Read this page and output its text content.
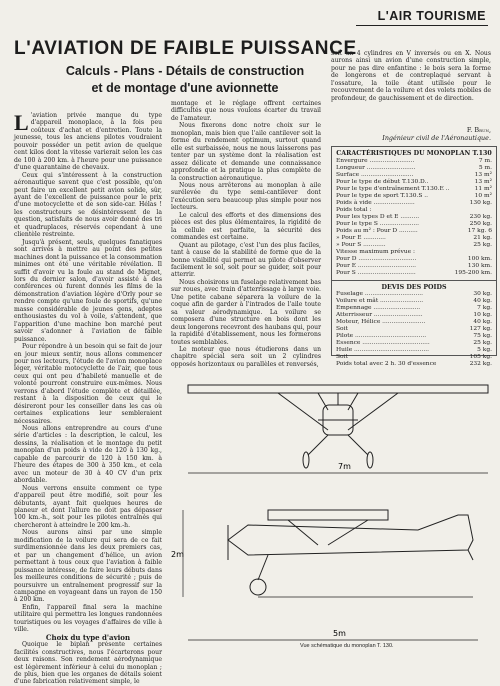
L'AIR TOURISME
L'AVIATION DE FAIBLE PUISSANCE
Calculs - Plans - Détails de construction
et de montage d'une avionnette

L 'aviation privée manque du type d'appareil monoplace, à la fois peu coûteux d'achat et d'entretien. Toute la jeunesse, tous les anciens pilotes voudraient pouvoir posséder un petit avion de quelque cent kilos dont la vitesse varierait selon les cas de 100 à 200 km. à l'heure pour une puissance d'une quarantaine de chevaux.

Ceux qui s'intéressent à la construction aéronautique savent que c'est possible, qu'on peut faire un excellent petit avion solide, sûr, ayant de l'excellent de puissance pour le prix d'une motocyclette et de son side-car. Hélas ! les constructeurs se désintéressent de la question, satisfaits de nous avoir donné des tri et quadruplaces, réservés cependant à une clientèle restreinte.

Jusqu'à présent, seuls, quelques fanatiques sont arrivés à mettre au point des petites machines dont la puissance et la consommation minimes ont été une véritable révélation. Il suffit d'avoir vu la foule au stand de Mignet, lors du dernier salon, d'avoir assisté à des conférences où furent donnés les films de la démonstration d'aviation légère d'Orly pour se rendre compte qu'une foule de sportifs, qu'une masse considérable de jeunes gens, adeptes enthousiastes du vol à voile, s'attendent, que l'apparition d'une machine bon marché peut savoir s'adonner à l'aviation de faible puissance.

Pour répondre à un besoin qui se fait de jour en jour mieux sentir, nous allons commencer pour nos lecteurs, l'étude de l'avion monoplace léger, véritable motocyclette de l'air, que tous ceux qui ont peu d'habileté manuelle et de volonté pourront construire eux-mêmes. Nous verrons d'abord l'étude complète et détaillée, restant à la disposition de ceux qui le désireront pour les conseiller dans les cas où certaines explications leur sembleraient nécessaires.

Nous allons entreprendre au cours d'une série d'articles : la description, le calcul, les dessins, la réalisation et le montage du petit monoplan d'un poids à vide de 120 à 130 kg., capable de parcourir de 120 à 150 km. à l'heure des étapes de 300 à 350 km., et cela avec un moteur de 30 à 40 CV d'un prix abordable.

Nous verrons ensuite comment ce type d'appareil peut être modifié, soit pour les débutants, ayant fait quelques heures de planeur et dont l'allure ne doit pas dépasser 100 km.-h., soit pour les pilotes entraînés qui chercheront à atteindre le 200 km.-h.

Nous aurons ainsi par une simple modification de la voilure qui sera de ce fait surdimensionnée dans les deux premiers cas, et par un changement d'hélice, un avion permettant à tous ceux que l'aviation à faible puissance intéresse, de faire leurs débuts dans les meilleures conditions de sécurité ; puis de poursuivre un entraînement progressif sur la campagne en voyageant dans un rayon de 150 à 200 km.

Enfin, l'appareil final sera la machine utilitaire qui permettra les longues randonnées touristiques ou les voyages d'affaires de ville à ville.

Choix du type d'avion

Quoique le biplan présente certaines facilités constructives, nous l'écarterons pour deux raisons. Son rendement aérodynamique est légèrement inférieur à celui du monoplan ; de plus, bien que les organes de détails soient d'une fabrication relativement simple, le

montage et le réglage offrent certaines difficultés que nous voulons écarter du travail de l'amateur.

Nous fixerons donc notre choix sur le monoplan, mais bien que l'aile cantilever soit la forme du rendement optimum, surtout quand elle est surbaissée, nous ne nous laisserons pas tenter par un système dont la réalisation est assez délicate et demande une connaissance approfondie et la pratique la plus complète de la construction aéronautique.

Nous nous arrêterons au monoplan à aile surélevée du type semi-cantilever dont l'exécution sera beaucoup plus simple pour nos lecteurs.

Le calcul des efforts et des dimensions des pièces est des plus élémentaires, la rigidité de la cellule est parfaite, la sécurité des commandes est certaine.

Quant au pilotage, c'est l'un des plus faciles, tant à cause de la stabilité de forme que de la bonne visibilité qui permet au pilote d'observer facilement le sol, soit pour se guider, soit pour atterrir.

Nous choisirons un fuselage relativement bas sur roues, avec train d'atterrissage à large voie. Une petite cabane séparera la voilure de la coque afin de garder à l'intrados de l'aile toute sa valeur aérodynamique. La voilure se composera d'une structure en bois dont les deux longerons recevront des haubans qui, pour la rapidité d'établissement, nous les formerons toutes semblables.

Le moteur que nous étudierons dans un chapitre spécial sera soit un 2 cylindres opposés horizontaux ou parallèles et renversés,

soit un 4 cylindres en V inversés ou en X. Nous aurons ainsi un avion d'une construction simple, pour ne pas dire enfantine : le bois sera la forme de longerons et de contreplaqué servant à l'ossature, la toile étant utilisée pour le recouvrement de la voilure et des volets mobiles de profondeur, de gauchissement et de direction.

F. Brun,
Ingénieur civil de l'Aéronautique.
CARACTÉRISTIQUES DU MONOPLAN T.130
Envergure ........................	7 m.
Longueur ..........................	5 m.
Surface ............................	13 m²
Pour le type de début T.130.D..	13 m²
Pour le type d'entraînement T.130.E ..	11 m²
Pour le type de sport T.130.S ..	10 m²
Poids à vide ......................	130 kg.
Poids total :
Pour les types D et E ..........	230 kg.
Pour le type S .....................	250 kg.
Poids au m² : Pour D ..........	17 kg. 6
» Pour E ............	21 kg.
» Pour S ............	25 kg.
Vitesse maximum prévue :
Pour D ...............................	100 km.
Pour E ...............................	130 km.
Pour S ...............................	195-200 km.
DEVIS DES POIDS
Fuselage ...............................	30 kg.
Voilure et mât .......................	40 kg.
Empennage .........................	7 kg.
Atterrisseur ..........................	10 kg.
Moteur, Hélice .......................	40 kg.
Soit	127 kg.
Pilote ......................................	75 kg.
Essence ....................................	25 kg.
Huile ........................................	5 kg.
Soit	105 kg.
Poids total avec 2 h. 30 d'essence	232 kg.
7m
5m
2m
Vue schématique du monoplan T. 130.
